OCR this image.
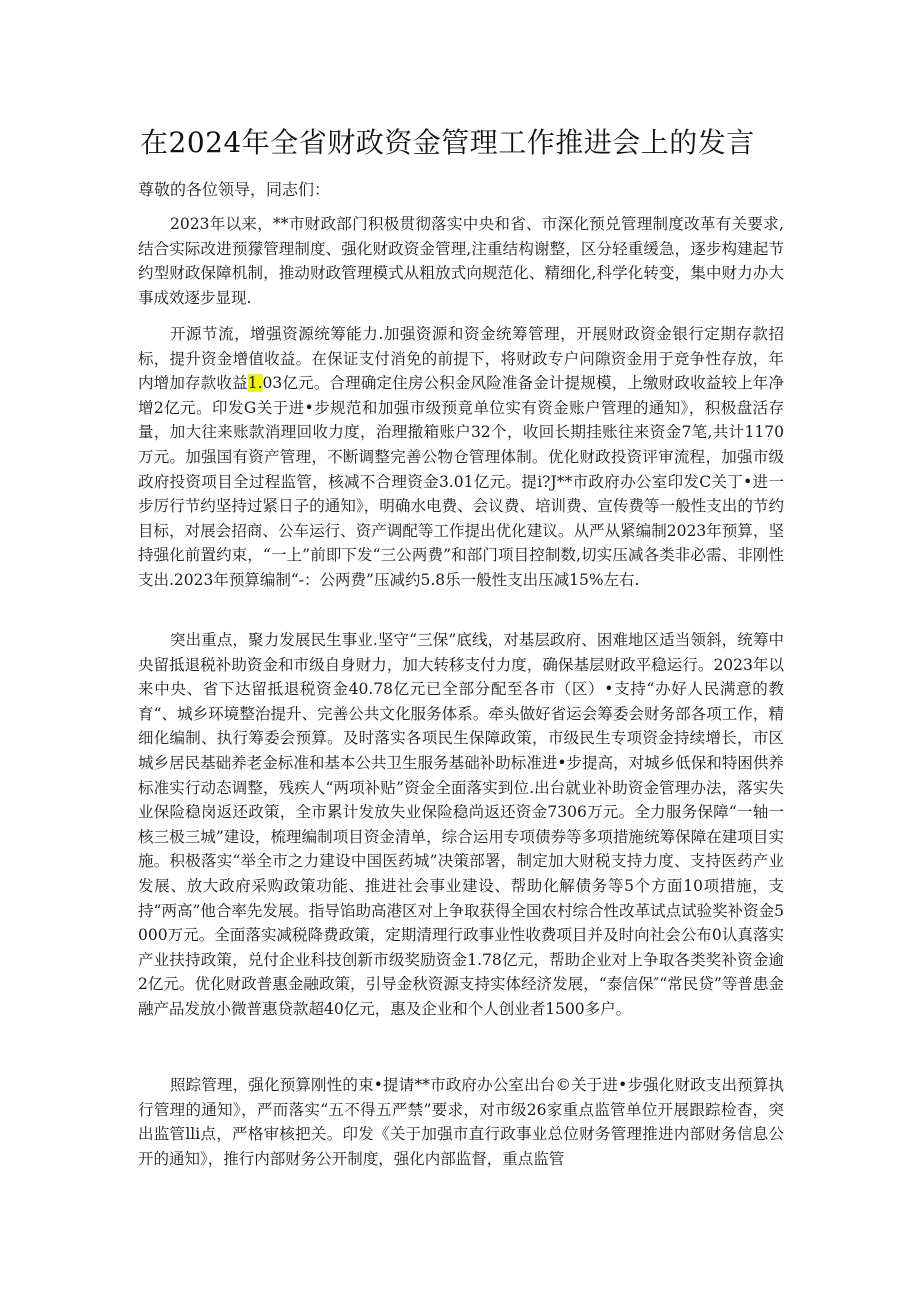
在2024年全省财政资金管理工作推进会上的发言
尊敬的各位领导，同志们：
2023年以来，**市财政部门积极贯彻落实中央和省、市深化预兑管理制度改革有关要求,结合实际改进预獴管理制度、强化财政资金管理,注重结构谢整，区分轻重缓急，逐步构建起节约型财政保障机制，推动财政管理模式从粗放式向规范化、精细化,科学化转变，集中财力办大事成效逐步显现.
开源节流，增强资源统筹能力.加强资源和资金统筹管理，开展财政资金银行定期存款招标，提升资金增值收益。在保证支付消免的前提下，将财政专户问隙资金用于竞争性存放，年内增加存款收益1.03亿元。合理确定住房公积金风险准备金计提规模，上缴财政收益较上年净增2亿元。印发G关于进•步规范和加强市级预竟单位实有资金账户管理的通知》，积极盘活存量，加大往来账款消理回收力度，治理撤箱账户32个，收回长期挂账往来资金7笔,共计1170万元。加强国有资产管理，不断调整完善公物仓管理体制。优化财政投资评审流程，加强市级政府投资项目全过程监管，核减不合理资金3.01亿元。提i?J**市政府办公室印发C关丁•进一步厉行节约坚持过紧日子的通知》，明确水电费、会议费、培训费、宣传费等一般性支出的节约目标，对展会招商、公车运行、资产调配等工作提出优化建议。从严从紧编制2023年预算，坚持强化前置约束，“一上”前即下发“三公两费”和部门项目控制数,切实压减各类非必需、非刚性支出.2023年预算编制“-：公两费”压减约5.8乐一般性支出压减15%左右.
突出重点，聚力发展民生事业.坚守“三保”底线，对基层政府、困难地区适当领斜，统筹中央留抵退税补助资金和市级自身财力，加大转移支付力度，确保基层财政平稳运行。2023年以来中央、省下达留抵退税资金40.78亿元已全部分配至各市（区）•支持“办好人民满意的教育“、城乡环境整治提升、完善公共文化服务体系。牵头做好省运会筹委会财务部各项工作，精细化编制、执行筹委会预算。及时落实各项民生保障政策，市级民生专项资金持续增长，市区城乡居民基础养老金标准和基本公共卫生服务基础补助标准进•步提高，对城乡低保和特困供养标准实行动态调整，残疾人“两项补贴”资金全面落实到位.出台就业补助资金管理办法，落实失业保险稳岗返还政策，全市累计发放失业保险稳尚返还资金7306万元。全力服务保障“一轴一核三极三城”建设，梳理编制项目资金清单，综合运用专项债券等多项措施统筹保障在建项目实施。积极落实“举全市之力建设中国医药城”决策部署，制定加大财税支持力度、支持医药产业发展、放大政府采购政策功能、推进社会事业建设、帮助化解债务等5个方面10项措施，支持“两高”他合率先发展。指导馅助高港区对上争取获得全国农村综合性改革试点试验奖补资金5000万元。全面落实减税降费政策，定期清理行政事业性收费项目并及时向社会公布0认真落实产业扶持政策，兑付企业科技创新市级奖励资金1.78亿元，帮助企业对上争取各类奖补资金逾2亿元。优化财政普惠金融政策，引导金秋资源支持实体经济发展，“泰信保″“常民贷”等普患金融产品发放小微普惠贷款超40亿元，惠及企业和个人创业者1500多户。
照踪管理，强化预算刚性的束•提请**市政府办公室出台©关于进•步强化财政支出预算执行管理的通知》，严而落实“五不得五严禁”要求，对市级26家重点监管单位开展跟踪检杳，突出监管lli点，严格审核把关。印发《关于加强市直行政事业总位财务管理推进内部财务信息公开的通知》，推行内部财务公开制度，强化内部监督，重点监管
